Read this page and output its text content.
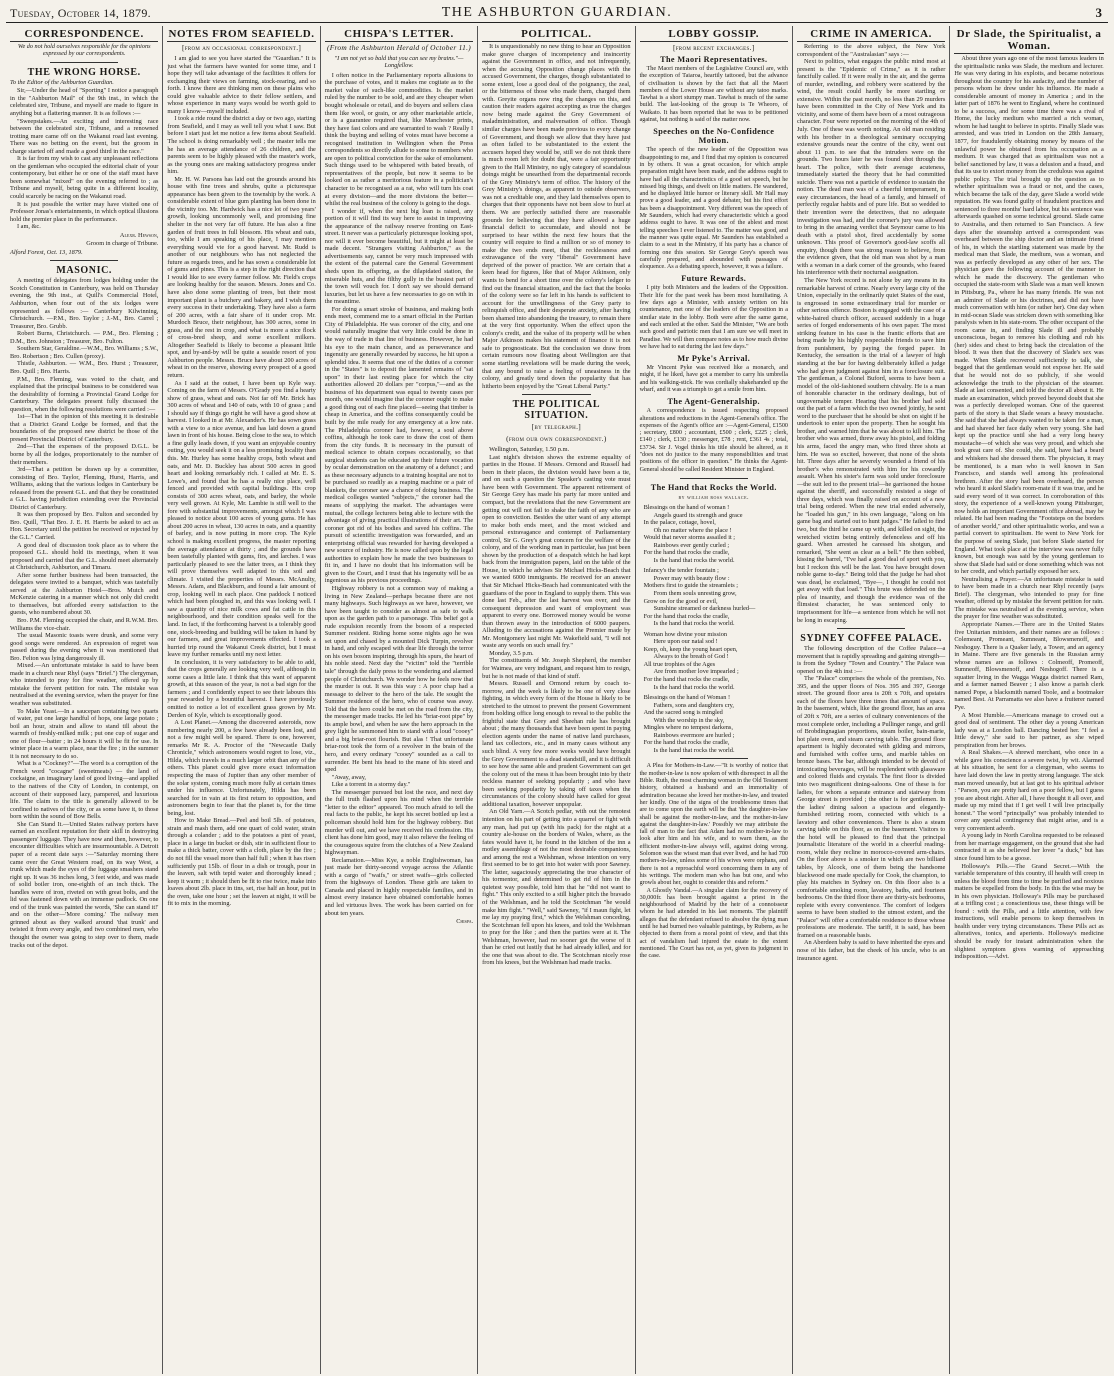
Tuesday, October 14, 1879.	THE ASHBURTON GUARDIAN.	3
CORRESPONDENCE.
We do not hold ourselves responsible for the opinions expressed by our correspondents.
THE WRONG HORSE.
To the Editor of the Ashburton Guardian.

Sir,—Under the head of "Sporting" I notice a paragraph in the "Ashburton Mail" of the 9th inst., in which the celebrated sire, Tribune, and myself are made to figure in anything but a flattering manner. It is as follows :—

"Sweepstakes.—An exciting and interesting race between the celebrated sire, Tribune, and a renowned trotting mare came off on the Wakanui road last evening. There was no betting on the event, but the groom in charge started off and made a good third in the race."

It is far from my wish to cast any unpleasant reflections on the gentleman who occupied the editorial chair of your contemporary, but either he or one of the staff must have been somewhat "mixed" on the evening referred to ; as Tribune and myself, being quite in a different locality, could scarcely be racing on the Wakanui road.

It is just possible the writer may have visited one of Professor Jonas's entertainments, in which optical illusions hold the premier place in the performance.

I am, &c.

Alexr. Hewson,
Groom in charge of Tribune.
Alford Forest, Oct. 13, 1879.
MASONIC.

A meeting of delegates from lodges holding under the Scotch Constitution in Canterbury, was held on Thursday evening, the 9th inst., at Quill's Commercial Hotel, Ashburton, when four out of the six lodges were represented as follows :— Canterbury Kilwinning, Christchurch. —P.M., Bro. Taylor ; J.-M., Bro. Carrel ; Treasurer, Bro. Grubb.

Robert Burns, Christchurch. — P.M., Bro. Fleming ; D.M., Bro. Johnston ; Treasurer, Bro. Fulton.

Southern Star, Geraldine.—W.M., Bro. Williams ; S.W., Bro. Robertson ; Bro. Cullen (proxy).

Thistle, Ashburton. — W.M., Bro. Hurst ; Treasurer, Bro. Quill ; Bro. Harris.

P.M., Bro. Fleming, was voted to the chair, and explained that the principal business to be considered was the desirability of forming a Provincial Grand Lodge for Canterbury. The delegates present fully discussed the question, when the following resolutions were carried :—

1st—That in the opinion of this meeting it is desirable that a District Grand Lodge be formed, and that the boundaries of the proposed new district be those of the present Provincial District of Canterbury.

2nd—That the expenses of the proposed D.G.L. be borne by all the lodges, proportionately to the number of their members.

3rd—That a petition be drawn up by a committee, consisting of Bro. Taylor, Fleming, Hurst, Harris, and Williams, asking that the various lodges in Canterbury be released from the present G.L. and that they be constituted a G.L. having jurisdiction extending over the Provincial District of Canterbury.

It was then proposed by Bro. Fulton and seconded by Bro. Quill, "That Bro. J. E. H. Harris be asked to act as Hon. Secretary until the petition be received or rejected by the G.L." Carried.

A good deal of discussion took place as to where the proposed G.L. should hold its meetings, when it was proposed and carried that the G.L. should meet alternately at Christchurch, Ashburton, and Timaru.

After some further business had been transacted, the delegates were invited to a banquet, which was tastefully served at the Ashburton Hotel—Bros. Mutch and McKenzie catering in a manner which not only did credit to themselves, but afforded every satisfaction to the guests, who numbered about 30.

Bro. P.M. Fleming occupied the chair, and R.W.M. Bro. Williams the vice-chair.

The usual Masonic toasts were drunk, and some very good songs were rendered. An expression of regret was passed during the evening when it was mentioned that Bro. Felton was lying dangerously ill.

Mixed.—An unfortunate mistake is said to have been made in a church near Rhyl (says "Brief.") The clergyman, who intended to pray for fine weather, offered up by mistake the fervent petition for rain. The mistake was neutralised at the evening service, when the prayer for fine weather was substituted.

To Make Yeast.—In a saucepan containing two quarts of water, put one large handful of hops, one large potato ; boil an hour, strain and allow to stand till about the warmth of freshly-milked milk ; put one cup of sugar and one of flour—batter ; in 24 hours it will be fit for use. In winter place in a warm place, near the fire ; in the summer it is not necessary to do so.

What is a "Cockney?"—The word is a corruption of the French word "cocagne" (sweetmeats) — the land of cockaigne, an imaginary land of good living—and applied to the natives of the City of London, in contempt, on account of their supposed lazy, pampered, and luxurious life. The claim to the title is generally allowed to be confined to natives of the city, or as some have it, to those born within the sound of Bow Bells.

She Can Stand It.—United States railway porters have earned an excellent reputation for their skill in destroying passengers' luggage. They have now and then, however, to encounter difficulties which are insurmountable. A Detroit paper of a recent date says :—"Saturday morning there came over the Great Western road, on its way West, a trunk which made the eyes of the luggage smashers stand right up. It was 36 inches long, 3 feet wide, and was made of solid boiler iron, one-eighth of an inch thick. The handles were of iron, riveted on with great bolts, and the lid was fastened down with an immense padlock. On one end of the trunk was painted the words, 'She can stand it!' and on the other—'More coming.' The railway men grinned about as they walked around 'that trunk' and twisted it from every angle, and two combined men, who thought the owner was going to step over to them, made tracks out of the depot.

NOTES FROM SEAFIELD.
[from an occasional correspondent.]

I am glad to see you have started the "Guardian." It is just what the farmers have wanted for some time, and I hope they will take advantage of the facilities it offers for exchanging their views on farming, stock-rearing, and so forth. I know there are thinking men on these plains who could give valuable advice to their fellow settlers, and whose experience in many ways would be worth gold to many I know—myself included.

I took a ride round the district a day or two ago, starting from Seafield, and I may as well tell you what I saw. But before I start just let me notice a few items about Seafield. The school is doing remarkably well ; the master tells me he has an average attendance of 26 children, and the parents seem to be highly pleased with the master's work, as the young ones are making satisfactory progress under him.

Mr. H. W. Parsons has laid out the grounds around his house with fine trees and shrubs, quite a picturesque appearance has been given to the township by the work. A considerable extent of blue gum planting has been done in the vicinity too. Mr. Hardwick has a nice lot of two years' growth, looking uncommonly well, and promising fine shelter in the not very far off future. He has also a fine garden of fruit trees in full blossom. His wheat and oats, too, while I am speaking of his place, I may mention everything would vie for a good harvest. Mr. Rudd is another of our neighbours who has not neglected the future as regards trees, and he has sown a considerable lot of gums and pines. This is a step in the right direction that I would like to see every farmer follow. Mr. Field's crops are looking healthy for the season. Messrs. Jones and Co. have also done some planting of trees, but their most important plant is a butchery and bakery, and I wish them every success in their undertaking. They have also a farm of 200 acres, with a fair share of it under crop. Mr. Murdoch Bruce, their neighbour, has 300 acres, some in grass, and the rest in crop, and what is more a nice flock of cross-bred sheep, and some excellent milkers. Altogether Seafield is likely to become a pleasant little spot, and by-and-by will be quite a seaside resort of you Ashburton people. Messrs. Bruce have about 200 acres of wheat in on the reserve, showing every prospect of a good return.

As I said at the outset, I have been up Kyle way. Coming on the farm of Messrs. O'Grady you find a hearty show of grass, wheat and oats. Not far off Mr. Brick has 300 acres of wheat and 140 of oats, with 10 of grass ; and I should say if things go right he will have a good show at harvest. I looked in at Mr. Alexander's. He has sown grass with a view to a nice avenue, and has laid down a grand lawn in front of his house. Being close to the sea, to which a fine gully leads down, if you want an enjoyable country outing, you would seek it on a less promising locality than this. Mr. Hurley has some healthy crops, both wheat and oats, and Mr. D. Buckley has about 500 acres in good heart and looking remarkably rich. I called at Mr. E. S. Lowe's, and found that he has a really nice place, well fenced and provided with capital buildings. His crop consists of 300 acres wheat, oats, and barley, the whole very well grown. At Kyle, Mr. Lambie is still well to the fore with substantial improvements, amongst which I was pleased to notice about 100 acres of young gums. He has about 200 acres in wheat, 130 acres in oats, and a quantity of barley, and is now putting in more crop. The Kyle school is making excellent progress, the master reporting the average attendance at thirty ; and the grounds have been tastefully planted with gums, firs, and larches. I was particularly pleased to see the latter trees, as I think they will prove themselves well adapted to this soil and climate. I visited the properties of Messrs. McAnulty, Messrs. Adam, and Blackburn, and found a fair amount of crop, looking well in each place. One paddock I noticed which had been ploughed in, and this was looking well. I saw a quantity of nice milk cows and fat cattle in this neighbourhood, and their condition speaks well for the land. In fact, if the forthcoming harvest is a tolerably good one, stock-breeding and building will be taken in hand by our farmers, and great improvements effected. I took a hurried trip round the Wakanui Creek district, but I must leave my further remarks until my next letter.

In conclusion, it is very satisfactory to be able to add, that the crops generally are looking very well, although in some cases a little late. I think that this want of apparent growth, at this season of the year, is not a bad sign for the farmers ; and I confidently expect to see their labours this year rewarded by a bountiful harvest. I have previously omitted to notice a lot of excellent grass grown by Mr. Derden of Kyle, which is exceptionally good.

A Lost Planet.—Among the discovered asteroids, now numbering nearly 200, a few have already been lost, and not a few might well be spared. There is one, however, remarks Mr R. A. Proctor of the "Newcastle Daily Chronicle," which astronomers would regret to lose, viz., Hilda, which travels in a much larger orbit than any of the others. This planet could give more exact information respecting the mass of Jupiter than any other member of the solar system, coming much more fully at certain times under his influence. Unfortunately, Hilda has been searched for in vain at its first return to opposition, and astronomers begin to fear that the planet is, for the time being, lost.

How to Make Bread.—Peel and boil 5lb. of potatoes, strain and mash them, add one quart of cold water, strain through a colander ; add to the potatoes a pint of yeast, place in a large tin bucket or dish, stir in sufficient flour to make a thick batter, cover with a cloth, place by the fire ; do not fill the vessel more than half full ; when it has risen sufficiently put 15lb. of flour in a dish or trough, pour in the leaven, salt with tepid water and thoroughly knead ; keep it warm ; it should then be fit to rise twice, make into loaves about 2lb. place in tins, set, rise half an hour, put in the oven, take one hour ; set the leaven at night, it will be fit to mix in the morning.

CHISPA'S LETTER.
(From the Ashburton Herald of October 11.)
"I am not yet so bald that you can see my brains."—Longfellow.

I often notice in the Parliamentary reports allusions to the purchase of votes, and it makes me cogitate as to the market value of such-like commodities. Is the market ruled by the number to be sold, and are they cheaper when bought wholesale or retail, and do buyers and sellers class them like wool, or grain, or any other marketable article, or is a guarantee required that, like Manchester prints, they have fast colors and are warranted to wash ? Really I think the buying and selling of votes must have become a recognised institution in Wellington when the Press correspondents so directly allude to some to members who are open to political conviction for the sake of emolument. Such things used to be whispered with bated breath, of representatives of the people, but now it seems to be looked on as rather a meritorious feature in a politician's character to be recognised as a rat, who will turn his coat at every division—and the more divisions the better—whilst the real business of the colony is going to the dogs.

I wonder if, when the next big loan is raised, any portion of it will find its way here to assist in improving the appearance of the railway reserve fronting on East-street. It never was a particularly picturesque looking spot, nor will it ever become beautiful, but it might at least be made decent. "Strangers visiting Ashburton," as the advertisements say, cannot be very much impressed with the extent of the paternal care the General Government sheds upon its offspring, as the dilapidated station, the miserable huts, and the filthy gully in the busiest part of the town will vouch for. I don't say we should demand luxuries, but let us have a few necessaries to go on with in the meantime.

For doing a smart stroke of business, and making both ends meet, commend me to a smart official in the Puritan City of Philadelphia. He was coroner of the city, and one would naturally imagine that very little could be done in the way of trade in that line of business. However, he had his eye to the main chance, and as perseverance and ingenuity are generally rewarded by success, he hit upon a splendid idea. It seems that one of the duties of a coroner in the "States" is to deposit the lamented remains of "sat upon" in their last resting place for which the city authorities allowed 20 dollars per "corpus,"—and as the business of his department was equal to twenty cases per month, one would imagine that the coroner ought to make a good thing out of each fine placed—seeing that timber is cheap in America, and the coffins consequently could be built by the mile ready for any emergency at a low rate. The Philadelphia coroner had, however, a soul above coffins, although he took care to draw the cost of them from the city funds. It is necessary in the pursuit of medical science to obtain corpses occasionally, so that surgical students can be educated up their future vocation by ocular demonstration on the anatomy of a defunct ; and as these necessary adjuncts to a training hospital are not to be purchased so readily as a reaping machine or a pair of blankets, the coroner saw a chance of doing business. The medical colleges wanted "subjects," the coroner had the means of supplying the market. The advantages were mutual, the college lecturers being able to lecture with the advantage of giving practical illustrations of their art. The coroner got rid of his bodies and saved his coffins. The pursuit of scientific investigation was forwarded, and an enterprising official was rewarded for having developed a new source of industry. He is now called upon by the legal authorities to explain how he made the two businesses to fit in, and I have no doubt that his information will be given to the Court, and I trust that his ingenuity will be as ingenious as his previous proceedings.

Highway robbery is not a common way of making a living in New Zealand—perhaps because there are not many highways. Such highways as we have, however, we have been taught to consider as almost as safe to walk upon as the garden path to a parsonage. This belief got a rude expulsion recently from the bosom of a respected Summer resident. Riding home some nights ago he was set upon and chased by a mounted Dick Turpin, revolver in hand, and only escaped with dear life through the terror on his own bosom inspiring, through his spurs, the heart of his noble steed. Next day the "victim" told the "terrible tale" through the daily press to the wondering and alarmed people of Christchurch. We wonder how he feels now that the murder is out. It was this way : A poor chap had a message to deliver to the hero of the tale. He sought the Summer residence of the hero, who of course was away. Told that the hero could be met on the road from the city, the messenger made tracks. He led his "briar-root pipe" by its ample bowl, and when he saw the hero approach in the grey light he summoned him to stand with a loud "cooey" and a big briar-root flourish. But alas ! That unfortunate briar-root took the form of a revolver in the brain of the hero, and every ordinary "cooey" sounded as a call to surrender. He bent his head to the mane of his steed and sped

"Away, away,

Like a torrent in a stormy day."

The messenger pursued but lost the race, and next day the full truth flashed upon his mind when the terrible "letter to the editor" appeared. Too much afraid to tell the real facts to the public, he kept his secret bottled up lest a policeman should hold him for the highway robbery. But murder will out, and we have received his confession. His client has done him good, may it also relieve the feeling of the courageous squire from the clutches of a New Zealand highwayman.

Reclamation.—Miss Kye, a noble Englishwoman, has just made her thirty-second voyage across the Atlantic with a cargo of "waifs," or street waifs—girls collected from the highways of London. These girls are taken to Canada and placed in highly respectable families, and in almost every instance have obtained comfortable homes and led virtuous lives. The work has been carried on for about ten years.

Chispa.
POLITICAL.

It is unquestionably no new thing to hear an Opposition make grave charges of incompetency and insincerity against the Government in office, and not infrequently, when the accusing Opposition change places with the accused Government, the charges, though substantiated to some extent, lose a good deal of the poignancy, the zeal, or the bitterness of those who made them, charged them with. Greyite organs now ring the changes on this, and caution their readers against accepting as true the charges now being made against the Grey Government of maladministration, and malversation of office. Though similar charges have been made previous to every change of Government, and though we allow that they have just as often failed to be substantiated to the extent the accusers hoped they would be, still we do not think there is much room left for doubt that, were a fair opportunity given to the Hall Ministry, no ugly category of scandalous doings might be unearthed from the departmental records of the Grey Ministry's term of office. The history of the Grey Ministry's doings, as apparent to outside observers, was not a creditable one, and they laid themselves open to charges that their opponents have not been slow to hurl at them. We are perfectly satisfied there are reasonable grounds for believing that they have allowed a huge financial deficit to accumulate, and should not be surprised to hear within the next few hours that the country will require to find a million or so of money to make the two ends meet, that the recklessness and extravagance of the very "liberal" Government have deprived of the power of practice. We are certain that a keen head for figures, like that of Major Atkinson, only wants to bend for a short time over the colony's ledger to find out the financial situation, and the fact that the books of the colony were so far left in his hands is sufficient to account for the unwillingness of the Grey party to relinquish office, and their desperate anxiety, after having been shamed into abandoning the treasury, to remain there at the very first opportunity. When the effect upon the colony's credit, and the value of its property will be when Major Atkinson makes his statement of finance it is not safe to prognosticate. But the conclusion we draw from certain rumours now floating about Wellington are that some startling revelations will be made during the week, that any bound to raise a feeling of uneasiness in the colony, and greatly tend down the popularity that has hitherto been enjoyed by the "Great Liberal Party."

THE POLITICAL SITUATION.
[by telegraph.]
(from our own correspondent.)

Wellington, Saturday, 1.50 p.m.

Last night's division shows the extreme equality of parties in the House. If Messrs. Ormond and Russell had been in their places, the division would have been a tie, and on such a question the Speaker's casting vote must have been with Government. The apparent retirement of Sir George Grey has made his party far more united and compact, but the revelations that the new Government are getting out will not fail to shake the faith of any who are open to conviction. Besides the utter want of any attempt to make both ends meet, and the most wicked and personal extravagance and contempt of Parliamentary control, Sir G. Grey's great concern for the welfare of the colony, and of the working man in particular, has just been shown by the production of a despatch which he had kept back from the immigration papers, laid on the table of the House, in which he advises Sir Michael Hicks-Beach that we wanted 6000 immigrants. He received for an answer that Sir Michael Hicks-Beach had communicated with the guardians of the poor in England to supply them. This was done last Feb., after the last harvest was over, and the consequent depression and want of employment was apparent to every one. Borrowed money would be worse than thrown away in the introduction of 6000 paupers. Alluding to the accusations against the Premier made by Mr. Montgomery last night Mr. Wakefield said, "I will not waste any words on such small fry."

Monday, 3.5 p.m.

The constituents of Mr. Joseph Shepherd, the member for Waimea, are very indignant, and request him to resign, but he is not made of that kind of stuff.

Messrs. Russell and Ormond return by coach to-morrow, and the week is likely to be one of very close fighting, in which every form of the House is likely to be stretched to the utmost to prevent the present Government from holding office long enough to reveal to the public the frightful state that Grey and Sheehan rule has brought about ; the many thousands that have been spent in paying election agents under the name of native land purchases, land tax collectors, etc., and in many cases without any such blind. A very few more weeks would have brought the Grey Government to a dead standstill, and it is difficult to see how the same able and prudent Government can get the colony out of the mess it has been brought into by their reckless manner of seeking popularity ; and who have been seeking popularity by taking off taxes when the circumstances of the colony should have called for great additional taxation, however unpopular.

An Old Yarn.—A Scotch pedlar, with out the remotest intention on his part of getting into a quarrel or fight with any man, had put up (with his pack) for the night at a country ale-house on the borders of Wales, where, as the fates would have it, he found in the kitchen of the inn a motley assemblage of not the most desirable companions, and among the rest a Welshman, whose intention on very first seemed to be to get into hot water with poor Sawney. The latter, sagaciously appreciating the true character of his tormentor, and determined to get rid of him in the quietest way possible, told him that he "did not want to fight." This only excited to a still higher pitch the bravado of the Welshman, and he told the Scotchman "he would make him fight." "Well," said Sawney, "if I maun fight, let me lay my praying first," which the Welshman conceding, the Scotchman fell upon his knees, and told the Welshman to pray for the like ; and then the parties were at it. The Welshman, however, had no sooner got the worse of it than he cried out lustily that he had already killed, and for the one that was about to die. The Scotchman nicely rose from his knees, but the Welshman had made tracks.

LOBBY GOSSIP.
[from recent exchanges.]
The Maori Representatives.

The Maori members of the Legislative Council are, with the exception of Taiaroa, heartily tattooed, but the advance of civilisation is shown by the fact that all the Maori members of the Lower House are without any tatoo marks. Tawhai is a short stumpy man. Tawhai is much of the same build. The last-looking of the group is Te Wheoro, of Waikato. It has been reported that he was to be petitioned against, but nothing is said of the matter now.

Speeches on the No-Confidence Motion.

The speech of the new leader of the Opposition was disappointing to me, and I find that my opinion is concurred in by others. It was a great occasion, for which ample preparation might have been made, and the address ought to have had all the characteristics of a good set speech, but he missed big things, and dwelt on little matters. He wandered, and he displayed little humor or literary skill. Mr Hall may prove a good leader, and a good debater, but his first effort has been a disappointment. Very different was the speech of Mr Saunders, which had every characteristic which a good address ought to have. It was one of the ablest and most telling speeches I ever listened to. The matter was good, and the manner was quite equal. Mr Saunders has established a claim to a seat in the Ministry, if his party has a chance of forming one this session. Sir George Grey's speech was carefully prepared, and abounded with passages of eloquence. As a debating speech, however, it was a failure.

Future Rewards.

I pity both Ministers and the leaders of the Opposition. Their life for the past week has been most humiliating. A few days ago a Minister, with anxiety written on his countenance, met one of the leaders of the Opposition in a similar state in the lobby. Both were after the same game, and each smiled at the other. Said the Minister, "We are both such good and patriotic men that I am sure we will meet in Paradise. We will then compare notes as to how much divine we have had to eat during the last few days."

Mr Pyke's Arrival.

Mr Vincent Pyke was received like a monarch, and might, if he liked, have got a member to carry his umbrella and his walking-stick. He was cordially shakehanded up the wharf, and it was a triumph to get a smile from him.

The Agent-Generalship.

A correspondence is issued respecting proposed alterations and reductions in the Agent-General's office. The expenses of the Agent's office are :—Agent-General, £1500 ; secretary, £800 ; accountant, £500 ; clerk, £225 ; clerk, £140 ; clerk, £130 ; messenger, £78 ; rent, £361 4s ; total, £3734. Sir J. Vogel thinks his title should be altered, as it "does not do justice to the many responsibilities and trust positions of the officer in question." He thinks the Agent-General should be called Resident Minister in England.

The Hand that Rocks the World.
by william ross wallace.
Blessings on the hand of woman !
Angels guard its strength and grace
In the palace, cottage, hovel,
Oh no matter where the place !
Would that never storms assailed it ;
Rainbows ever gently curled ;
For the hand that rocks the cradle,
Is the hand that rocks the world.
Infancy's the tender fountain ;
Power may with beauty flow :
Mothers first to guide the streamlets ;
From them souls unresting grow,
Grow on for the good or evil,
Sunshine streamed or darkness hurled—
For the hand that rocks the cradle,
Is the hand that rocks the world.
Woman how divine your mission
Here upon our natal sod !
Keep, oh, keep the young heart open,
Always to the breath of God !
All true trophies of the Ages
Are from mother love impearled ;
For the hand that rocks the cradle,
Is the hand that rocks the world.
Blessings on the hand of Woman !
Fathers, sons and daughters cry,
And the sacred song is mingled
With the worship in the sky,
Mingles where no tempest darkens,
Rainbows evermore are hurled ;
For the hand that rocks the cradle,
Is the hand that rocks the world.

A Plea for Mothers-in-Law.—"It is worthy of notice that the mother-in-law is now spoken of with disrespect in all the Bible. Ruth, the most charming woman in the Old Testament history, obtained a husband and an immortality of admiration because she loved her mother-in-law, and treated her kindly. One of the signs of the troublesome times that are to come upon the earth will be that 'the daughter-in-law shall be against the mother-in-law, and the mother-in-law against the daughter-in-law.' Possibly we may attribute the fall of man to the fact that Adam had no mother-in-law to look after him and his wife, and to warn them, as the efficient mother-in-law always will, against doing wrong. Solomon was the wisest man that ever lived, and he had 700 mothers-in-law, unless some of his wives were orphans, and there is not a reproachful word concerning them in any of his writings. The modern man who has but one, and who growls about her, ought to consider this and reform."

A Ghostly Vandal.—A singular claim for the recovery of 30,000fr. has been brought against a priest in the neighbourhood of Madrid by the heir of a connoisseur whom he had attended in his last moments. The plaintiff alleges that the defendant refused to absolve the dying man until he had burned two valuable paintings, by Rubens, as he objected to them from a moral point of view, and that this act of vandalism had injured the estate to the extent mentioned. The Court has not, as yet, given its judgment in the case.

CRIME IN AMERICA.

Referring to the above subject, the New York correspondent of the "Australasian" says :—

Next to politics, what engages the public mind most at present is the "Epidemic of Crime," as it is rather fancifully called. If it were really in the air, and the germs of murder, swindling, and robbery were scattered by the wind, the result could hardly be more startling or extensive. Within the past month, no less than 29 murders have been committed in the City of New York and its vicinity, and some of them have been of a most outrageous character. Four were reported on the morning of the 4th of July. One of these was worth noting. An old man residing with his brother in a theological seminary occupying extensive grounds near the centre of the city, went out about 11 p.m. to see that the intruders were on the grounds. Two hours later he was found shot through the heart. The police, with their average acuteness, immediately started the theory that he had committed suicide. There was not a particle of evidence to sustain the notion. The dead man was of a cheerful temperament, in easy circumstances, the head of a family, and himself of perfectly regular habits and of pure life. But so wedded to their invention were the detectives, that no adequate investigation was had, and the coroner's jury was allowed to bring in the amazing verdict that Seymour came to his death with a pistol shot, fired accidentally by some unknown. This proof of Governor's good-law scoffs all enquiry, though there was strong reason to believe, from the evidence given, that the old man was shot by a man with a woman in a dark corner of the grounds, who feared his interference with their nocturnal assignation.

The New York record is not alone by any means in its remarkable harvest of crime. Nearly every large city of the Union, especially in the ordinarily quiet States of the east, is engrossed in some extraordinary trial for murder or other serious offence. Boston is engaged with the case of a white-haired church officer, accused suddenly in a huge series of forged endorsements of his own paper. The most striking feature in his case is the frantic efforts that are being made by his highly respectable friends to save him from punishment, by paying the forged paper. In Kentucky, the sensation is the trial of a lawyer of high standing at the bar for having deliberately killed a judge who had given judgment against him in a foreclosure suit. The gentleman, a Colonel Buford, seems to have been a model of the old-fashioned southern chivalry. He is a man of honorable character in the ordinary dealings, but of ungovernable temper. Hearing that his brother had sold out the part of a farm which the two owned jointly, he sent word to the purchaser that he should be shot on sight if he undertook to enter upon the property. Then he sought his brother, and warned him that he was about to kill him. The brother who was armed, threw away his pistol, and folding his arms, faced the angry man, who fired three shots at him. He was so excited, however, that none of the shots hit. Three days after he severely wounded a friend of his brother's who remonstrated with him for his cowardly assault. When his sister's farm was sold under foreclosure—the suit led to the present trial—he garrisoned the house against the sheriff, and successfully resisted a siege of three days, which was finally raised on account of a new trial being ordered. When the new trial ended adversely, he "loaded his gun," in his own language, "along on his game bag and started out to hunt judges." He failed to find two, but the third he came up with, and killed on sight, the wretched victim being entirely defenceless and off his guard. When arrested he caressed his shotgun, and remarked, "She went as clear as a bell." He then sobbed, kissing the barrel, "I've had a good deal of sport with you, but I reckon this will be the last. You have brought down noble game to-day." Being told that the judge he had shot was dead, he exclaimed, "Bye—, I thought he could not get away with that load." This brute was defended on the plea of insanity, and though the evidence was of the flimsiest character, he was sentenced only to imprisonment for life—a sentence from which he will not be long in escaping.

SYDNEY COFFEE PALACE.

The following description of the Coffee Palace—a movement that is rapidly spreading and gaining strength—is from the Sydney "Town and Country." The Palace was opened on the 4th inst :—

The "Palace" comprises the whole of the premises, No. 395, and the upper floors of Nos. 395 and 397, George street. The ground floor area is 20ft x 70ft, and upstairs each of the floors have three times that amount of space. In the basement, which, like the ground floor, has an area of 20ft x 70ft, are a series of culinary conveniences of the most complete order, including a Pullinger range, and grill of Brobdingnagian proportions, steam boiler, bain-marie, hot plate oven, and steam carving table. The ground floor apartment is highly decorated with gilding and mirrors, and furnished with coffee urns, and marble tables on bronze bases. The bar, although intended to be devoid of intoxicating beverages, will be resplendent with glassware and colored fluids and crystals. The first floor is divided into two magnificent dining-saloons. One of these is for ladies, for whom a separate entrance and stairway from George street is provided ; the other is for gentlemen. In the ladies' dining saloon a spacious and elegantly-furnished retiring room, connected with which is a lavatory and other conveniences. There is also a steam carving table on this floor, as on the basement. Visitors to the hotel will be pleased to find that the principal journalistic literature of the world in a cheerful reading-room, while they recline in morocco-covered arm-chairs. On the floor above is a smoker in which are two billiard tables, by Alcock, one of them being the handsome blackwood one made specially for Cook, the champion, to play his matches in Sydney on. On this floor also is a comfortable smoking room, lavatory, baths, and fourteen bedrooms. On the third floor there are thirty-six bedrooms, replete with every convenience. The comfort of lodgers seems to have been studied to the utmost extent, and the "Palace" will offer a comfortable residence to those whose professions are moderate. The tariff, it is said, has been framed on a reasonable basis.

An Aberdeen baby is said to have inherited the eyes and nose of his father, but the cheek of his uncle, who is an insurance agent.

Dr Slade, the Spiritualist, a Woman.

About three years ago one of the most famous leaders in the spiritualistic ranks was Slade, the medium and lecturer. He was very daring in his exploits, and became notorious throughout the country for his audacity, and the number of persons whom he drew under his influence. He made a considerable amount of money in America ; and in the latter part of 1876 he went to England, where he continued to be a success, and for some time there was a rival of Home, the lucky medium who married a rich woman, whom he had taught to believe in spirits. Finally Slade was arrested, and was tried in London on the 28th January, 1877, for fraudulently obtaining money by means of the unlawful power he obtained from his occupation as a medium. It was charged that as spiritualism was not a belief sanctioned by law, it was a delusion and a fraud, and that its use to extort money from the credulous was against public policy. The trial brought up the question as to whether spiritualism was a fraud or not, and the cases, which became the talk of the day, gave Slade a world wide reputation. He was found guilty of fraudulent practices and sentenced to three months' hard labor, but his sentence was afterwards quashed on some technical ground. Slade came to Australia, and then returned to San Francisco. A few days after the steamship arrived a correspondent was overheard between the ship doctor and an intimate friend of his, in which the startling statement was made by the medical man that Slade, the medium, was a woman, and was as perfectly developed as any other of her sex. The physician gave the following account of the manner in which he made the discovery. The gentleman who occupied the state-room with Slade was a man well known in Pittsburg, Pa., where he has many friends. He was not an admirer of Slade or his doctrines, and did not have much conversation with him (or rather her). One day when in mid-ocean Slade was stricken down with something like paralysis when in his state-room. The other occupant of the room came in, and finding Slade ill and probably unconscious, began to remove his clothing and rub his (her) sides and chest to bring back the circulation of the blood. It was then that the discovery of Slade's sex was made. When Slade recovered sufficiently to talk, she begged that the gentleman would not expose her. He said that he would not do so publicly, if she would acknowledge the truth to the physician of the steamer. Slade at last consented, and told the doctor all about it. He made an examination, which proved beyond doubt that she was a perfectly developed woman. One of the queerest parts of the story is that Slade wears a heavy moustache. She said that she had always wanted to be taken for a man, and had shaved her face daily when very young. She had kept up the practice until she had a very long heavy moustache—of which she was very proud, and which she took great care of. She could, she said, have had a beard and whiskers had she dressed them. The physician, it may be mentioned, is a man who is well known in San Francisco, and stands well among his professional brethren. After the story had been overheard, the person who heard it asked Slade's room-mate if it was true, and he said every word of it was correct. In corroboration of this story, the experience of a well-known young Pittsburger, now holds an important Government office abroad, may be related. He had been reading the "Footsteps on the borders of another world," and other spiritualistic works, and was a partial convert to spiritualism. He went to New York for the purpose of seeing Slade, just before Slade started for England. What took place at the interview was never fully known, but enough was said by the young gentleman to show that Slade had said or done something which was not to her credit, and which partially exposed her sex.

Neutralising a Prayer.—An unfortunate mistake is said to have been made in a church near Rhyl recently (says Brief). The clergyman, who intended to pray for fine weather, offered up by mistake the fervent petition for rain. The mistake was neutralised at the evening service, when the prayer for fine weather was substituted.

Appropriate Names.—There are in the United States five Unitarian ministers, and their names are as follows : Colemeant, Promeant, Sumneant, Blowsmenoff, and Neshoguy. There is a Quaker lady, a Tower, and an agency in Maine. There are five generals in the Russian army whose names are as follows : Colmeoff, Promeoff, Sumneoff, Blowsmenoff, and Neshogoff. There is a squatter living in the Wagga Wagga district named Ram, and a farmer named Beaver ; I also know a parish clerk named Pope, a blacksmith named Toole, and a bootmaker named Best. At Parramatta we also have a fruiterer named Pye.

A Most Humble.—Americans manage to crowd out a good deal of sentiment. The other day a young American lady was at a London ball. Dancing bested her. "I feel a little dewy," she said to her partner, as she wiped perspiration from her brows.

A Real Shakes.—A shrewd merchant, who once in a while gave his conscience a severe twist, by wit. Alarmed at his situation, he sent for a clergyman, who seems to have laid down the law in pretty strong language. The sick man moved uneasily, but at last got to his spiritual advisor : "Parson, you are pretty hard on a poor fellow, but I guess you are about right. After all, I have thought it all over, and made up my mind that if I get well I will live principally honest." The word "principally" was probably intended to cover any special contingency that might arise, and is a very convenient adverb.

A young lady in North Carolina requested to be released from her marriage engagement, on the ground that she had contracted it as she believed her lover "a duck," but has since found him to be a goose.

Holloway's Pills.—The Grand Secret.—With the variable temperature of this country, ill health will creep in unless the blood from time to time be purified and noxious matters be expelled from the body. In this the wise may be in his own physician. Holloway's Pills may be purchased at a trifling cost ; a conscientious use, these things will be found : with the Pills, and a little attention, with few instructions, will enable persons to keep themselves in health under very trying circumstances. These Pills act as alteratives, tonics, and aperients. Holloway's medicine should be ready for instant administration when the slightest symptom gives warning of approaching indisposition.—Advt.
